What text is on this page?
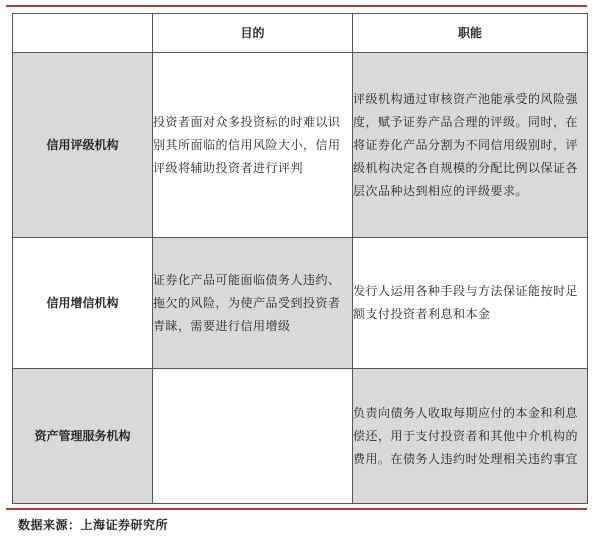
	目的	职能
信用评级机构	投资者面对众多投资标的时难以识别其所面临的信用风险大小，信用评级将辅助投资者进行评判	评级机构通过审核资产池能承受的风险强度，赋予证券产品合理的评级。同时，在将证券化产品分割为不同信用级别时，评级机构决定各自规模的分配比例以保证各层次品种达到相应的评级要求。

信用增信机构	证券化产品可能面临债务人违约、拖欠的风险，为使产品受到投资者青睐，需要进行信用增级	发行人运用各种手段与方法保证能按时足额支付投资者利息和本金

资产管理服务机构		负责向债务人收取每期应付的本金和利息偿还，用于支付投资者和其他中介机构的费用。在债务人违约时处理相关违约事宜
数据来源：上海证券研究所
